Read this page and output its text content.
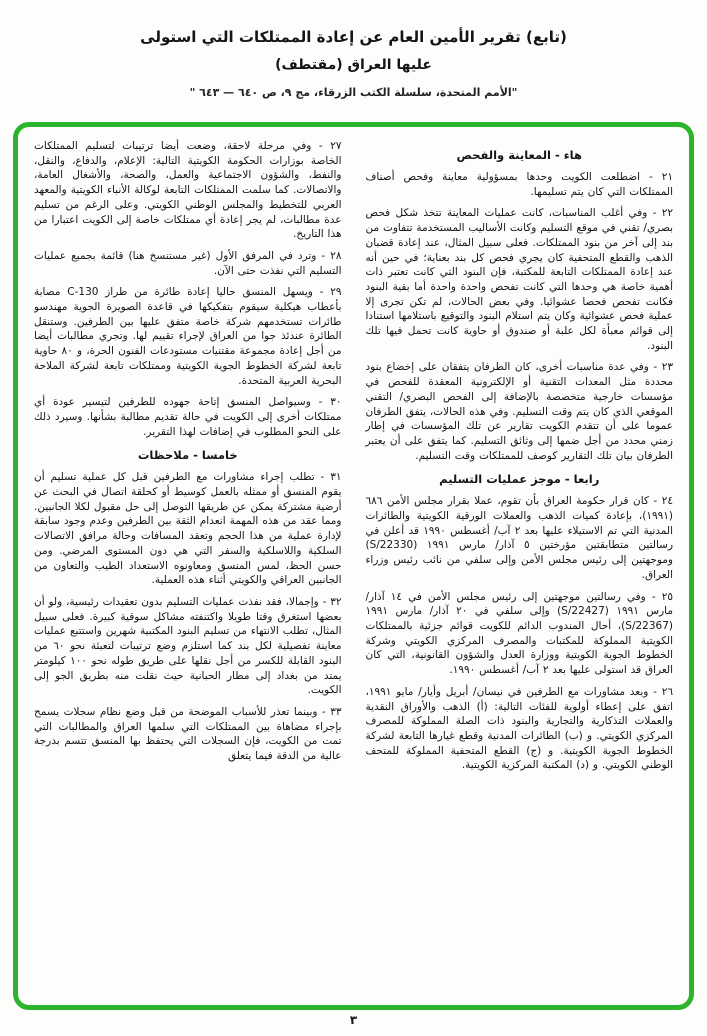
(تابع) تقرير الأمين العام عن إعادة الممتلكات التي استولى
عليها العراق (مقتطف)
"الأمم المتحدة، سلسلة الكتب الزرقاء، مج ٩، ص ٦٤٠ — ٦٤٣ "
هاء - المعاينة والفحص
٢١ - اضطلعت الكويت وحدها بمسؤولية معاينة وفحص أصناف الممتلكات التي كان يتم تسليمها.
٢٢ - وفي أغلب المناسبات، كانت عمليات المعاينة تتخذ شكل فحص بصري/ تقني في موقع التسليم وكانت الأساليب المستخدمة تتفاوت من بند إلى آخر من بنود الممتلكات. فعلى سبيل المثال، عند إعادة قضبان الذهب والقطع المتحفية كان يجري فحص كل بند بعناية؛ في حين أنه عند إعادة الممتلكات التابعة للمكتبة، فإن البنود التي كانت تعتبر ذات أهمية خاصة هي وحدها التي كانت تفحص واحدة واحدة أما بقية البنود فكانت تفحص فحصا عشوائيا. وفي بعض الحالات، لم تكن تجرى إلا عملية فحص عشوائية وكان يتم استلام البنود والتوقيع باستلامها استنادا إلى قوائم معبأة لكل علبة أو صندوق أو حاوية كانت تحمل فيها تلك البنود.
٢٣ - وفي عدة مناسبات أخرى، كان الطرفان يتفقان على إخضاع بنود محددة مثل المعدات التقنية أو الإلكترونية المعقدة للفحص في مؤسسات خارجية متخصصة بالإضافة إلى الفحص البصري/ التقني الموقعي الذي كان يتم وقت التسليم. وفي هذه الحالات، يتفق الطرفان عموما على أن تتقدم الكويت تقارير عن تلك المؤسسات في إطار زمني محدد من أجل ضمها إلى وثائق التسليم. كما يتفق على أن يعتبر الطرفان بيان تلك التقارير كوصف للممتلكات وقت التسليم.
رابعا - موجز عمليات التسليم
٢٤ - كان قرار حكومة العراق بأن تقوم، عملا بقرار مجلس الأمن ٦٨٦ (١٩٩١)، بإعادة كميات الذهب والعملات الورقية الكويتية والطائرات المدنية التي تم الاستيلاء عليها بعد ٢ آب/ أغسطس ١٩٩٠ قد أعلن في رسالتين متطابقتين مؤرختين ٥ آذار/ مارس ١٩٩١ (S/22330) وموجهتين إلى رئيس مجلس الأمن وإلى سلفي من نائب رئيس وزراء العراق.
٢٥ - وفي رسالتين موجهتين إلى رئيس مجلس الأمن في ١٤ آذار/ مارس ١٩٩١ (S/22427) وإلى سلفي في ٢٠ آذار/ مارس ١٩٩١ (S/22367)، أحال المندوب الدائم للكويت قوائم جزئية بالممتلكات الكويتية المملوكة للمكتبات والمصرف المركزي الكويتي وشركة الخطوط الجوية الكويتية ووزارة العدل والشؤون القانونية، التي كان العراق قد استولى عليها بعد ٢ آب/ أغسطس ١٩٩٠.
٢٦ - وبعد مشاورات مع الطرفين في نيسان/ أبريل وأيار/ مايو ١٩٩١، اتفق على إعطاء أولوية للفئات التالية: (أ) الذهب والأوراق النقدية والعملات التذكارية والتجارية والبنود ذات الصلة المملوكة للمصرف المركزي الكويتي. و (ب) الطائرات المدنية وقطع غيارها التابعة لشركة الخطوط الجوية الكويتية. و (ج) القطع المتحفية المملوكة للمتحف الوطني الكويتي. و (د) المكتبة المركزية الكويتية.
٢٧ - وفي مرحلة لاحقة، وضعت أيضا ترتيبات لتسليم الممتلكات الخاصة بوزارات الحكومة الكويتية التالية: الإعلام، والدفاع، والنقل، والنفط، والشؤون الاجتماعية والعمل، والصحة، والأشغال العامة، والاتصالات. كما سلمت الممتلكات التابعة لوكالة الأنباء الكويتية والمعهد العربي للتخطيط والمجلس الوطني الكويتي. وعلى الرغم من تسليم عدة مطالبات، لم يجر إعادة أي ممتلكات خاصة إلى الكويت اعتبارا من هذا التاريخ.
٢٨ - وترد في المرفق الأول (غير مستنسخ هنا) قائمة بجميع عمليات التسليم التي نفذت حتى الآن.
٢٩ - ويسهل المنسق حاليا إعادة طائرة من طراز C-130 مصابة بأعطاب هيكلية سيقوم بتفكيكها في قاعدة الصويرة الجوية مهندسو طائرات تستخدمهم شركة خاصة متفق عليها بين الطرفين. وستنقل الطائرة عندئذ جوا من العراق لإجراء تقييم لها. وتجري مطالبات أيضا من أجل إعادة مجموعة مقتنيات مستودعات الفنون الحرة، و ٨٠ حاوية تابعة لشركة الخطوط الجوية الكويتية وممتلكات تابعة لشركة الملاحة البحرية العربية المتحدة.
٣٠ - وسيواصل المنسق إتاحة جهوده للطرفين لتيسير عودة أي ممتلكات أخرى إلى الكويت في حالة تقديم مطالبة بشأنها. وسيرد ذلك على النحو المطلوب في إضافات لهذا التقرير.
خامسا - ملاحظات
٣١ - تطلب إجراء مشاورات مع الطرفين قبل كل عملية تسليم أن يقوم المنسق أو ممثله بالعمل كوسيط أو كحلقة اتصال في البحث عن أرضية مشتركة يمكن عن طريقها التوصل إلى حل مقبول لكلا الجانبين. ومما عقد من هذه المهمة انعدام الثقة بين الطرفين وعدم وجود سابقة لإدارة عملية من هذا الحجم وتعقد المسافات وحالة مرافق الاتصالات السلكية واللاسلكية والسفر التي هي دون المستوى المرضي. ومن حسن الحظ، لمس المنسق ومعاونوه الاستعداد الطيب والتعاون من الجانبين العراقي والكويتي أثناء هذه العملية.
٣٢ - وإجمالا، فقد نفذت عمليات التسليم بدون تعقيدات رئيسية، ولو أن بعضها استغرق وقتا طويلا واكتنفته مشاكل سوقية كبيرة. فعلى سبيل المثال، تطلب الانتهاء من تسليم البنود المكتبية شهرين واستتبع عمليات معاينة تفصيلية لكل بند كما استلزم وضع ترتيبات لتعبئة نحو ٦٠ من البنود القابلة للكسر من أجل نقلها على طريق طوله نحو ١٠٠ كيلومتر يمتد من بغداد إلى مطار الحبانية حيث نقلت منه بطريق الجو إلى الكويت.
٣٣ - وبينما تعذر للأسباب الموضحة من قبل وضع نظام سجلات يسمح بإجراء مضاهاة بين الممتلكات التي سلمها العراق والمطالبات التي تمت من الكويت، فإن السجلات التي يحتفظ بها المنسق تتسم بدرجة عالية من الدقة فيما يتعلق
٣
